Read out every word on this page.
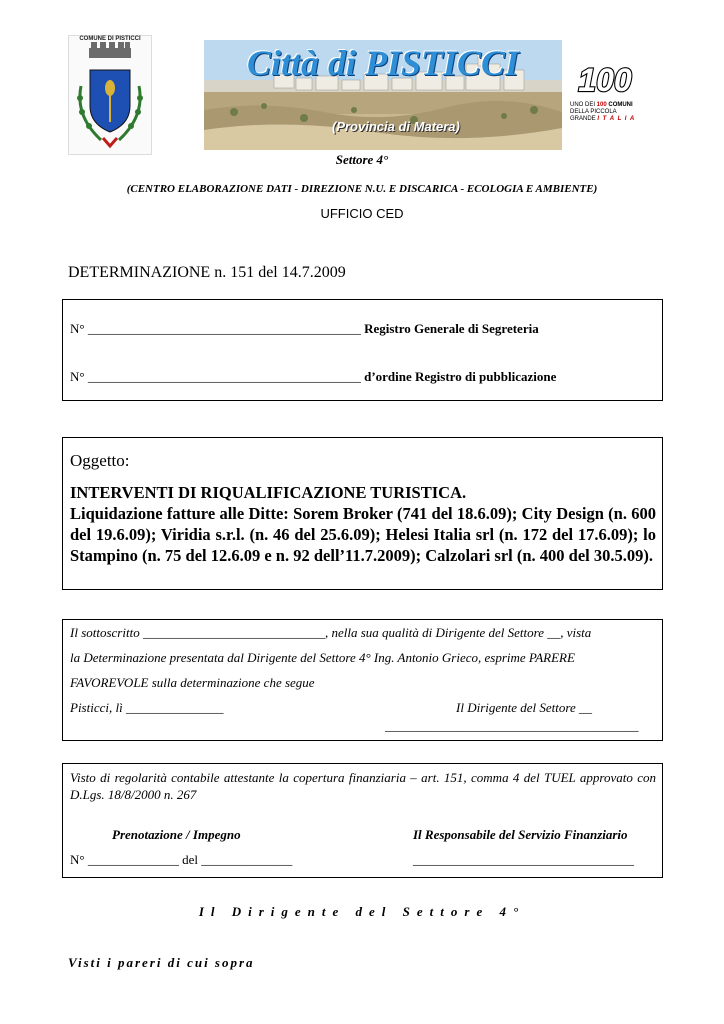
COMUNE DI PISTICCI
Città di PISTICCI
(Provincia di Matera)
100
UNO DEI 100 COMUNI
DELLA PICCOLA
GRANDE I T A L I A
Settore 4°
(CENTRO ELABORAZIONE DATI - DIREZIONE N.U. E DISCARICA - ECOLOGIA E AMBIENTE)
UFFICIO CED
DETERMINAZIONE n. 151 del 14.7.2009
N° __________________________________________ Registro Generale di Segreteria
N° __________________________________________ d’ordine Registro di pubblicazione
Oggetto:
INTERVENTI DI RIQUALIFICAZIONE TURISTICA.
Liquidazione fatture alle Ditte: Sorem Broker (741 del 18.6.09); City Design (n. 600 del 19.6.09); Viridia s.r.l. (n. 46 del 25.6.09); Helesi Italia srl (n. 172 del 17.6.09); lo Stampino (n. 75 del 12.6.09 e n. 92 dell’11.7.2009); Calzolari srl (n. 400 del 30.5.09).
Il sottoscritto ____________________________, nella sua qualità di Dirigente del Settore __, vista
la Determinazione presentata dal Dirigente del Settore 4° Ing. Antonio Grieco, esprime PARERE
FAVOREVOLE sulla determinazione che segue
Pisticci, lì _______________	Il Dirigente del Settore __
_______________________________________
Visto di regolarità contabile attestante la copertura finanziaria – art. 151, comma 4 del TUEL approvato con D.Lgs. 18/8/2000 n. 267
Prenotazione / Impegno	Il Responsabile del Servizio Finanziario
N° ______________ del ______________	__________________________________
Il Dirigente del Settore 4°
Visti i pareri di cui sopra
